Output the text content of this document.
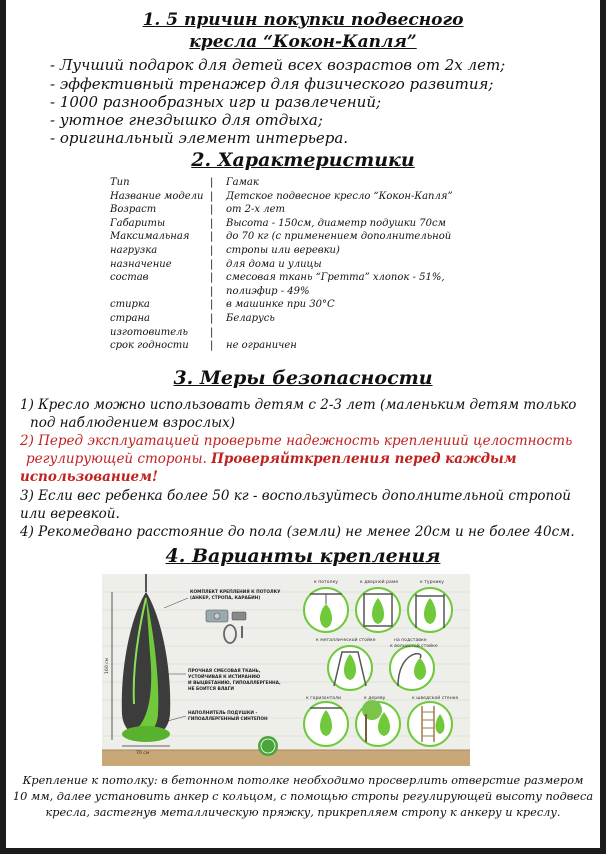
1. 5 причин покупки подвесного
кресла “Кокон-Капля”
- Лучший подарок для детей всех возрастов от 2х лет;
- эффективный тренажер для физического развития;
- 1000 разнообразных игр и развлечений;
- уютное гнездышко для отдыха;
- оригинальный элемент интерьера.
2. Характеристики
Тип	| Гамак
Название модели | Детское подвесное кресло “Кокон-Капля”
Возраст	| от 2-х лет
Габариты	| Высота - 150см, диаметр подушки 70см
Максимальная | до 70 кг (с применением дополнительной
нагрузка	| стропы или веревки)
назначение	| для дома и улицы
состав	| смесовая ткань “Гретта” хлопок - 51%,
| полиэфир - 49%
стирка	| в машинке при 30°C
страна	| Беларусь
изготовитель |
срок годности | не ограничен
3. Меры безопасности
1) Кресло можно использовать детям с 2-3 лет (маленьким детям только
под наблюдением взрослых)
2) Перед эксплуатацией проверьте надежность креплениий целостность
регулирующей стороны. Проверяйткрепления перед каждым
использованием!
3) Если вес ребенка более 50 кг - воспользуйтесь дополнительной стропой
или веревкой.
4) Рекомедвано расстояние до пола (земли) не менее 20см и не более 40см.
4. Варианты крепления
160 см
70 см
КОМПЛЕКТ КРЕПЛЕНИЯ К ПОТОЛКУ
(АНКЕР, СТРОПА, КАРАБИН)
ПРОЧНАЯ СМЕСОВАЯ ТКАНЬ,
УСТОЙЧИВАЯ К ИСТИРАНИЮ
И ВЫЦВЕТАНИЮ, ГИПОАЛЛЕРГЕННА,
НЕ БОИТСЯ ВЛАГИ
НАПОЛНИТЕЛЬ ПОДУШКИ -
ГИПОАЛЛЕРГЕННЫЙ СИНТЕПОН
к потолку	к дверной раме	к турнику
к металлической стойке	на подставке
к волнистой стойке
к дереву	к шведской стенке
к горизонтали
Крепление к потолку: в бетонном потолке необходимо просверлить отверстие размером
10 мм, далее установить анкер с кольцом, с помощью стропы регулирующей высоту подвеса
кресла, застегнув металлическую пряжку, прикрепляем стропу к анкеру и креслу.
